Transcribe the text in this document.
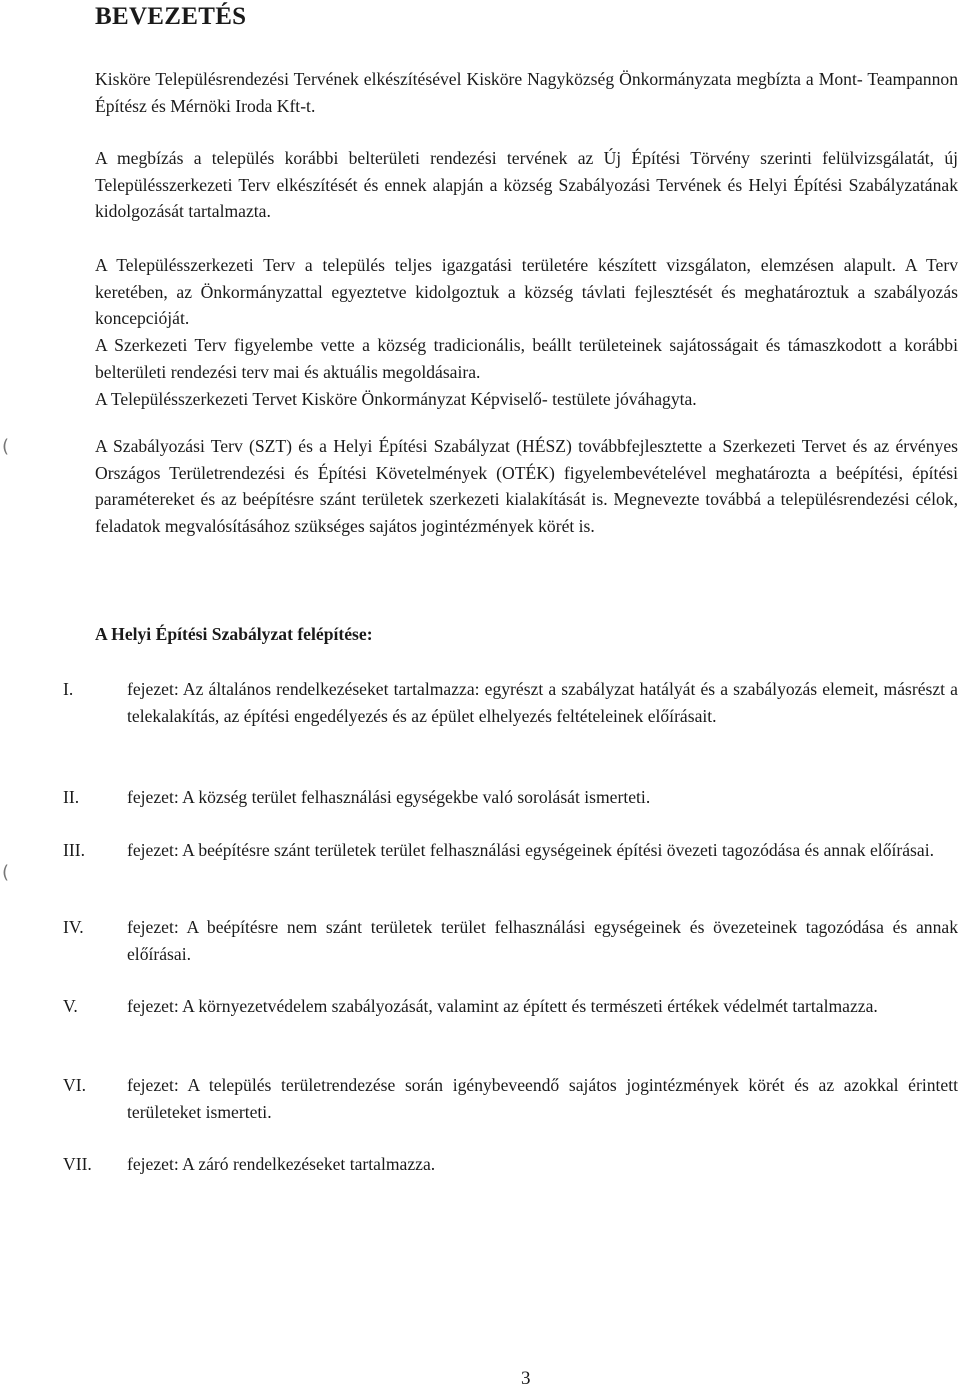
BEVEZETÉS

Kisköre Településrendezési Tervének elkészítésével Kisköre Nagyközség Önkormányzata megbízta a Mont- Teampannon Építész és Mérnöki Iroda Kft-t.

A megbízás a település korábbi belterületi rendezési tervének az Új Építési Törvény szerinti felülvizsgálatát, új Településszerkezeti Terv elkészítését és ennek alapján a község Szabályozási Tervének és Helyi Építési Szabályzatának kidolgozását tartalmazta.

A Településszerkezeti Terv a település teljes igazgatási területére készített vizsgálaton, elemzésen alapult. A Terv keretében, az Önkormányzattal egyeztetve kidolgoztuk a község távlati fejlesztését és meghatároztuk a szabályozás koncepcióját.

A Szerkezeti Terv figyelembe vette a község tradicionális, beállt területeinek sajátosságait és támaszkodott a korábbi belterületi rendezési terv mai és aktuális megoldásaira.

A Településszerkezeti Tervet Kisköre Önkormányzat Képviselő- testülete jóváhagyta.

(	A Szabályozási Terv (SZT) és a Helyi Építési Szabályzat (HÉSZ) továbbfejlesztette a Szerkezeti Tervet és az érvényes Országos Területrendezési és Építési Követelmények (OTÉK) figyelembevételével meghatározta a beépítési, építési paramétereket és az beépítésre szánt területek szerkezeti kialakítását is. Megnevezte továbbá a településrendezési célok, feladatok megvalósításához szükséges sajátos jogintézmények körét is.

A Helyi Építési Szabályzat felépítése:
I.	fejezet: Az általános rendelkezéseket tartalmazza: egyrészt a szabályzat hatályát és a szabályozás elemeit, másrészt a telekalakítás, az építési engedélyezés és az épület elhelyezés feltételeinek előírásait.
II.	fejezet: A község terület felhasználási egységekbe való sorolását ismerteti.
(
III. fejezet: A beépítésre szánt területek terület felhasználási egységeinek építési övezeti tagozódása és annak előírásai.
IV. fejezet: A beépítésre nem szánt területek terület felhasználási egységeinek és övezeteinek tagozódása és annak előírásai.
V.	fejezet: A környezetvédelem szabályozását, valamint az épített és természeti értékek védelmét tartalmazza.
VI. fejezet: A település területrendezése során igénybeveendő sajátos jogintézmények körét és az azokkal érintett területeket ismerteti.
VII. fejezet: A záró rendelkezéseket tartalmazza.
3
